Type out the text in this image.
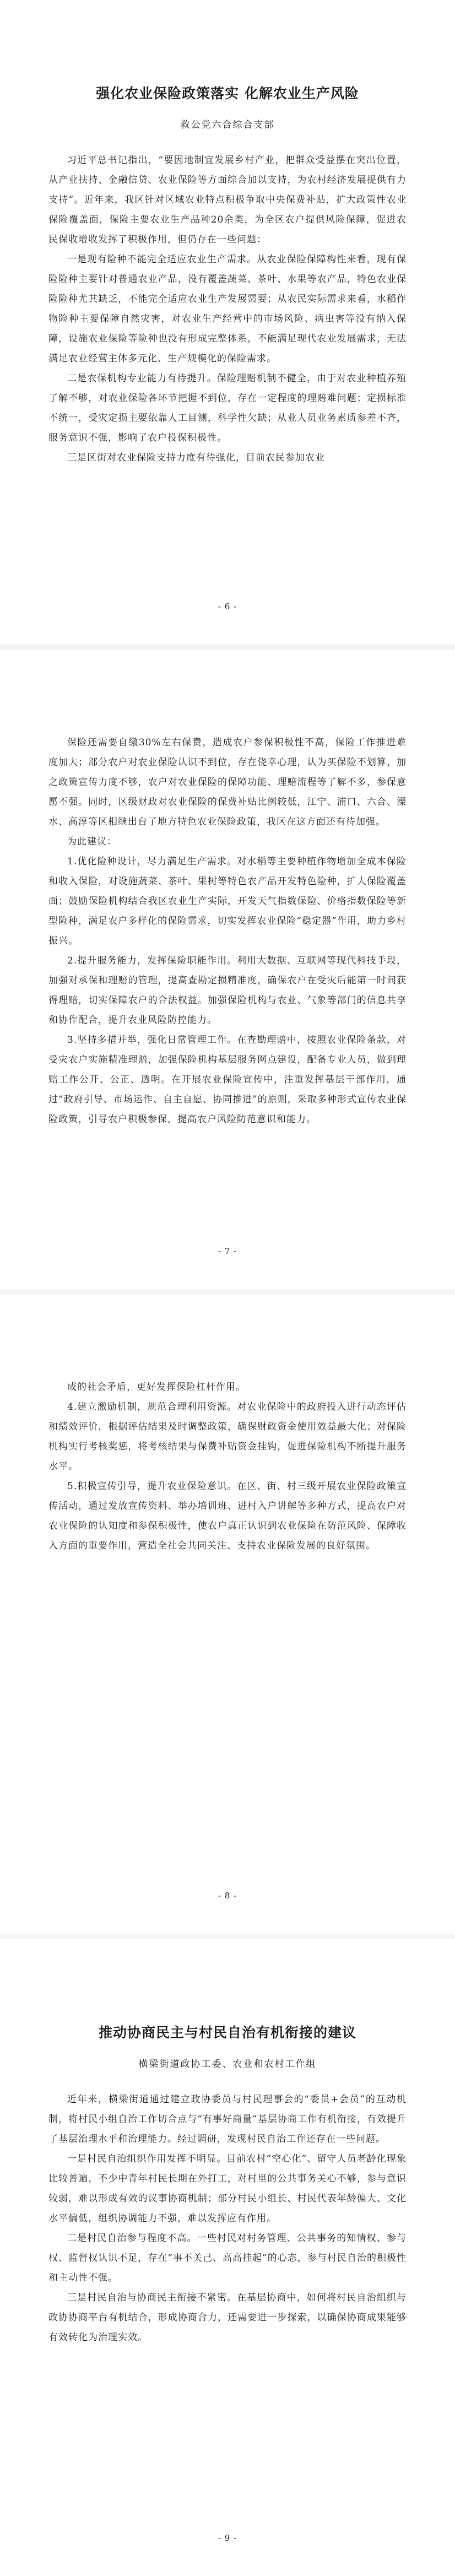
强化农业保险政策落实 化解农业生产风险
救公党六合综合支部

习近平总书记指出，“要因地制宜发展乡村产业，把群众受益摆在突出位置，从产业扶持、金融信贷、农业保险等方面综合加以支持，为农村经济发展提供有力支持”。近年来，我区针对区域农业特点积极争取中央保费补贴，扩大政策性农业保险覆盖面，保险主要农业生产品种20余类，为全区农户提供风险保障，促进农民保收增收发挥了积极作用，但仍存在一些问题：

一是现有险种不能完全适应农业生产需求。从农业保险保障构性来看，现有保险险种主要针对普通农业产品，没有覆盖蔬菜、茶叶、水果等农产品，特色农业保险险种尤其缺乏，不能完全适应农业生产发展需要；从农民实际需求来看，水稻作物险种主要保障自然灾害，对农业生产经营中的市场风险、病虫害等没有纳入保障，设施农业保险等险种也没有形成完整体系，不能满足现代农业发展需求，无法满足农业经营主体多元化、生产规模化的保险需求。

二是农保机构专业能力有待提升。保险理赔机制不健全，由于对农业种植养殖了解不够，对农业保险各环节把握不到位，存在一定程度的理赔难问题；定损标准不统一，受灾定损主要依靠人工目测，科学性欠缺；从业人员业务素质参差不齐，服务意识不强，影响了农户投保积极性。

三是区街对农业保险支持力度有待强化，目前农民参加农业

- 6 -

保险还需要自缴30%左右保费，造成农户参保积极性不高，保险工作推进难度加大；部分农户对农业保险认识不到位，存在侥幸心理，认为买保险不划算，加之政策宣传力度不够，农户对农业保险的保障功能、理赔流程等了解不多，参保意愿不强。同时，区级财政对农业保险的保费补贴比例较低，江宁、浦口、六合、溧水、高淳等区相继出台了地方特色农业保险政策，我区在这方面还有待加强。

为此建议：

1.优化险种设计，尽力满足生产需求。对水稻等主要种植作物增加全成本保险和收入保险，对设施蔬菜、茶叶、果树等特色农产品开发特色险种，扩大保险覆盖面；鼓励保险机构结合我区农业生产实际，开发天气指数保险、价格指数保险等新型险种，满足农户多样化的保险需求，切实发挥农业保险“稳定器”作用，助力乡村振兴。

2.提升服务能力，发挥保险职能作用。利用大数据、互联网等现代科技手段，加强对承保和理赔的管理，提高查勘定损精准度，确保农户在受灾后能第一时间获得理赔，切实保障农户的合法权益。加强保险机构与农业、气象等部门的信息共享和协作配合，提升农业风险防控能力。

3.坚持多措并举，强化日常管理工作。在查勘理赔中，按照农业保险条款，对受灾农户实施精准理赔，加强保险机构基层服务网点建设，配备专业人员，做到理赔工作公开、公正、透明。在开展农业保险宣传中，注重发挥基层干部作用，通过“政府引导、市场运作、自主自愿、协同推进”的原则，采取多种形式宣传农业保险政策，引导农户积极参保，提高农户风险防范意识和能力。

- 7 -

成的社会矛盾，更好发挥保险杠杆作用。

4.建立激励机制，规范合理利用资源。对农业保险中的政府投入进行动态评估和绩效评价，根据评估结果及时调整政策，确保财政资金使用效益最大化；对保险机构实行考核奖惩，将考核结果与保费补贴资金挂钩，促进保险机构不断提升服务水平。

5.积极宣传引导，提升农业保险意识。在区、街、村三级开展农业保险政策宣传活动，通过发放宣传资料、举办培训班、进村入户讲解等多种方式，提高农户对农业保险的认知度和参保积极性，使农户真正认识到农业保险在防范风险、保障收入方面的重要作用，营造全社会共同关注、支持农业保险发展的良好氛围。

- 8 -
推动协商民主与村民自治有机衔接的建议
横梁街道政协工委、农业和农村工作组

近年来，横梁街道通过建立政协委员与村民理事会的“委员+会员”的互动机制，将村民小组自治工作切合点与“有事好商量”基层协商工作有机衔接，有效提升了基层治理水平和治理能力。经过调研，发现村民自治工作还存在一些问题。

一是村民自治组织作用发挥不明显。目前农村“空心化”、留守人员老龄化现象比较普遍，不少中青年村民长期在外打工，对村里的公共事务关心不够，参与意识较弱，难以形成有效的议事协商机制；部分村民小组长、村民代表年龄偏大、文化水平偏低，组织协调能力不强，难以发挥应有作用。

二是村民自治参与程度不高。一些村民对村务管理、公共事务的知情权、参与权、监督权认识不足，存在“事不关己、高高挂起”的心态，参与村民自治的积极性和主动性不强。

三是村民自治与协商民主衔接不紧密。在基层协商中，如何将村民自治组织与政协协商平台有机结合，形成协商合力，还需要进一步探索，以确保协商成果能够有效转化为治理实效。

- 9 -
